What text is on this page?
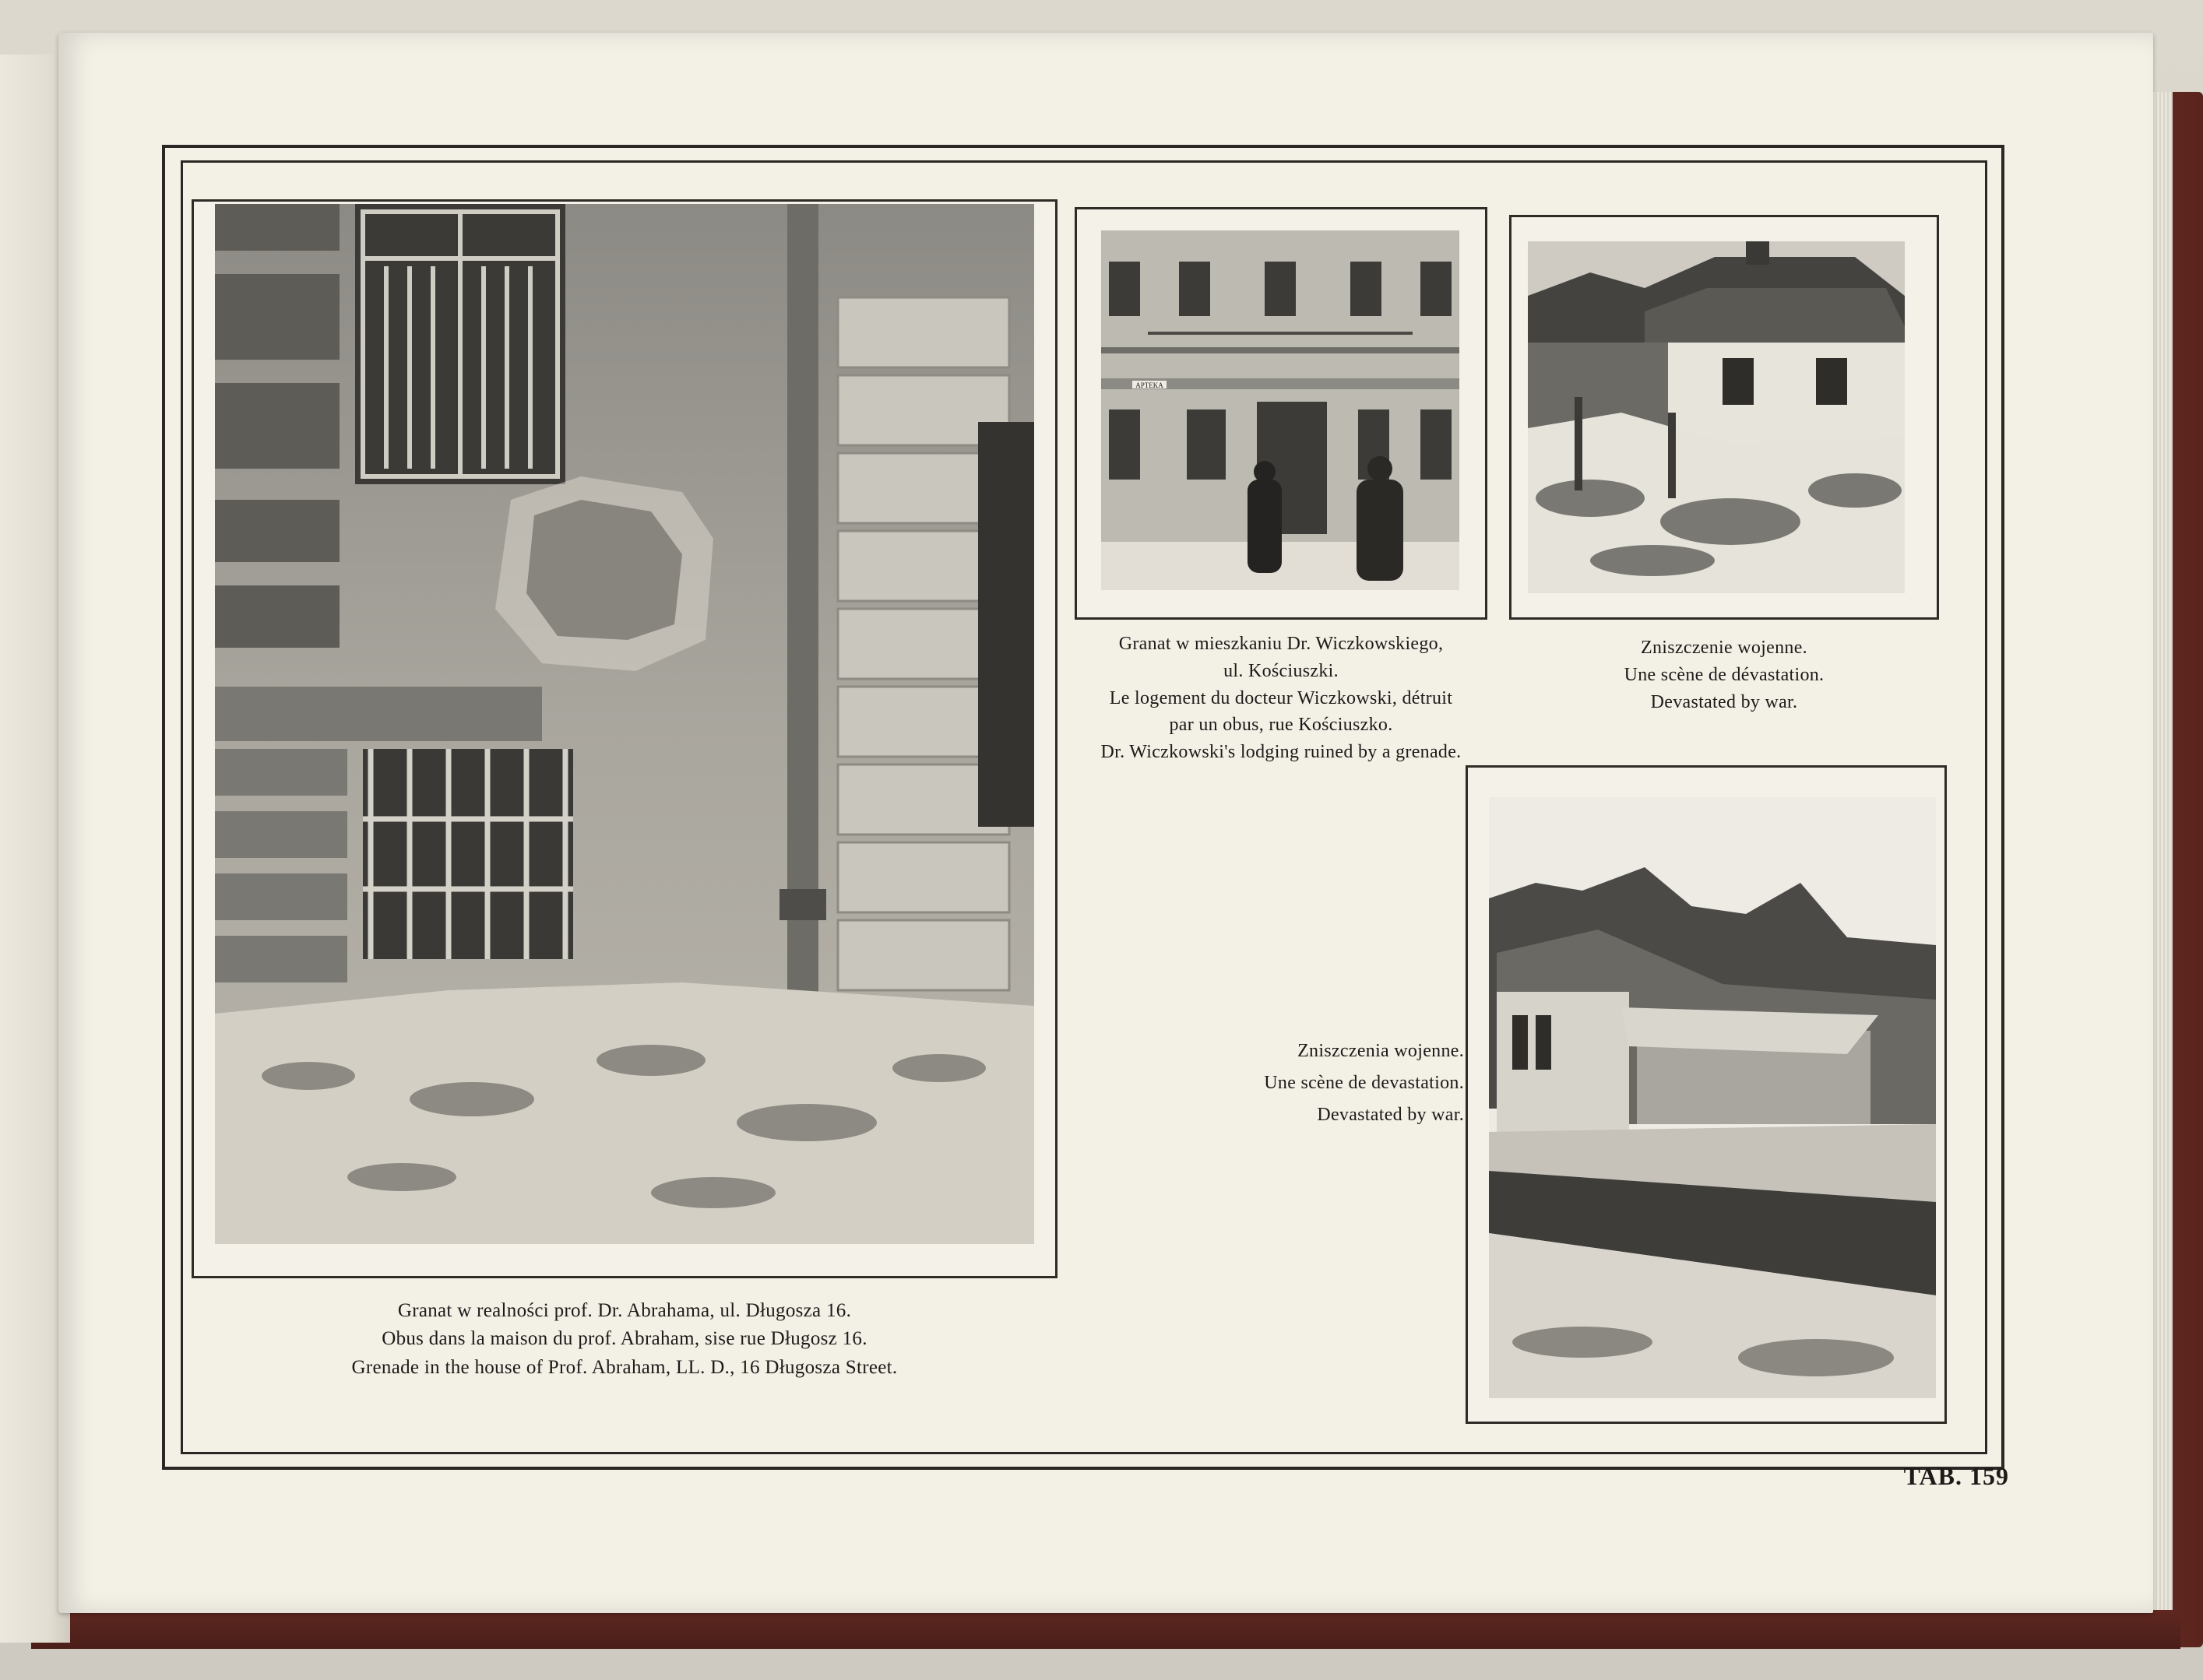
Granat w realności prof. Dr. Abrahama, ul. Długosza 16.
Obus dans la maison du prof. Abraham, sise rue Długosz 16.
Grenade in the house of Prof. Abraham, LL. D., 16 Długosza Street.
APTEKA
Granat w mieszkaniu Dr. Wiczkowskiego,
ul. Kościuszki.
Le logement du docteur Wiczkowski, détruit
par un obus, rue Kościuszko.
Dr. Wiczkowski's lodging ruined by a grenade.
Zniszczenie wojenne.
Une scène de dévastation.
Devastated by war.
Zniszczenia wojenne.
Une scène de devastation.
Devastated by war.
TAB. 159
